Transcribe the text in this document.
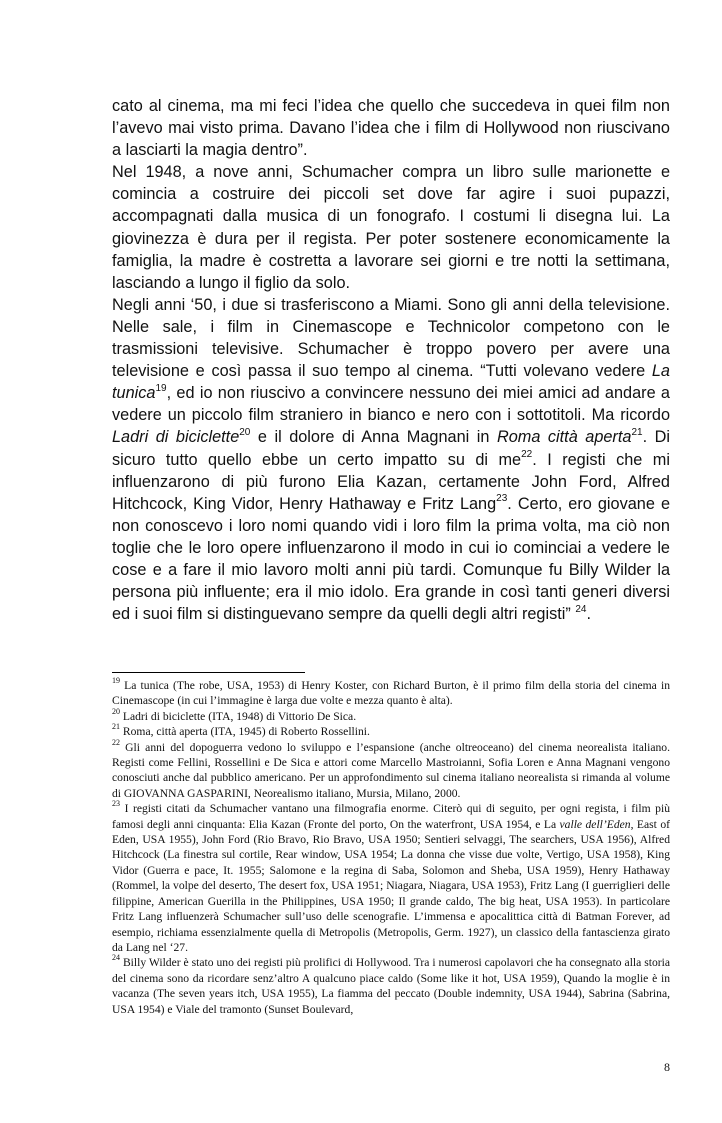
cato al cinema, ma mi feci l’idea che quello che succedeva in quei film non l’avevo mai visto prima. Davano l’idea che i film di Hollywood non riuscivano a lasciarti la magia dentro”.

Nel 1948, a nove anni, Schumacher compra un libro sulle marionette e comincia a costruire dei piccoli set dove far agire i suoi pupazzi, accompagnati dalla musica di un fonografo. I costumi li disegna lui. La giovinezza è dura per il regista. Per poter sostenere economicamente la famiglia, la madre è costretta a lavorare sei giorni e tre notti la settimana, lasciando a lungo il figlio da solo.

Negli anni ‘50, i due si trasferiscono a Miami. Sono gli anni della televisione. Nelle sale, i film in Cinemascope e Technicolor competono con le trasmissioni televisive. Schumacher è troppo povero per avere una televisione e così passa il suo tempo al cinema. “Tutti volevano vedere La tunica$^{19}$, ed io non riuscivo a convincere nessuno dei miei amici ad andare a vedere un piccolo film straniero in bianco e nero con i sottotitoli. Ma ricordo Ladri di biciclette$^{20}$ e il dolore di Anna Magnani in Roma città aperta$^{21}$. Di sicuro tutto quello ebbe un certo impatto su di $me^{22}$. I registi che mi influenzarono di più furono Elia Kazan, certamente John Ford, Alfred Hitchcock, King Vidor, Henry Hathaway e Fritz Lang$^{23}$. Certo, ero giovane e non conoscevo i loro nomi quando vidi i loro film la prima volta, ma ciò non toglie che le loro opere influenzarono il modo in cui io cominciai a vedere le cose e a fare il mio lavoro molti anni più tardi. Comunque fu Billy Wilder la persona più influente; era il mio idolo. Era grande in così tanti generi diversi ed i suoi film si distinguevano sempre da quelli degli altri registi” $^{24}$.

$^{19}$ La tunica (The robe, USA, 1953) di Henry Koster, con Richard Burton, è il primo film della storia del cinema in Cinemascope (in cui l’immagine è larga due volte e mezza quanto è alta).

$^{20}$ Ladri di biciclette (ITA, 1948) di Vittorio De Sica.

$^{21}$ Roma, città aperta (ITA, 1945) di Roberto Rossellini.

$^{22}$ Gli anni del dopoguerra vedono lo sviluppo e l’espansione (anche oltreoceano) del cinema neorealista italiano. Registi come Fellini, Rossellini e De Sica e attori come Marcello Mastroianni, Sofia Loren e Anna Magnani vengono conosciuti anche dal pubblico americano. Per un approfondimento sul cinema italiano neorealista si rimanda al volume di GIOVANNA GASPARINI, Neorealismo italiano, Mursia, Milano, 2000.

$^{23}$ I registi citati da Schumacher vantano una filmografia enorme. Citerò qui di seguito, per ogni regista, i film più famosi degli anni cinquanta: Elia Kazan (Fronte del porto, On the waterfront, USA 1954, e La valle dell’Eden, East of Eden, USA 1955), John Ford (Rio Bravo, Rio Bravo, USA 1950; Sentieri selvaggi, The searchers, USA 1956), Alfred Hitchcock (La finestra sul cortile, Rear window, USA 1954; La donna che visse due volte, Vertigo, USA 1958), King Vidor (Guerra e pace, It. 1955; Salomone e la regina di Saba, Solomon and Sheba, USA 1959), Henry Hathaway (Rommel, la volpe del deserto, The desert fox, USA 1951; Niagara, Niagara, USA 1953), Fritz Lang (I guerriglieri delle filippine, American Guerilla in the Philippines, USA 1950; Il grande caldo, The big heat, USA 1953). In particolare Fritz Lang influenzerà Schumacher sull’uso delle scenografie. L’immensa e apocalittica città di Batman Forever, ad esempio, richiama essenzialmente quella di Metropolis (Metropolis, Germ. 1927), un classico della fantascienza girato da Lang nel ‘27.

$^{24}$ Billy Wilder è stato uno dei registi più prolifici di Hollywood. Tra i numerosi capolavori che ha consegnato alla storia del cinema sono da ricordare senz’altro A qualcuno piace caldo (Some like it hot, USA 1959), Quando la moglie è in vacanza (The seven years itch, USA 1955), La fiamma del peccato (Double indemnity, USA 1944), Sabrina (Sabrina, USA 1954) e Viale del tramonto (Sunset Boulevard,

8
